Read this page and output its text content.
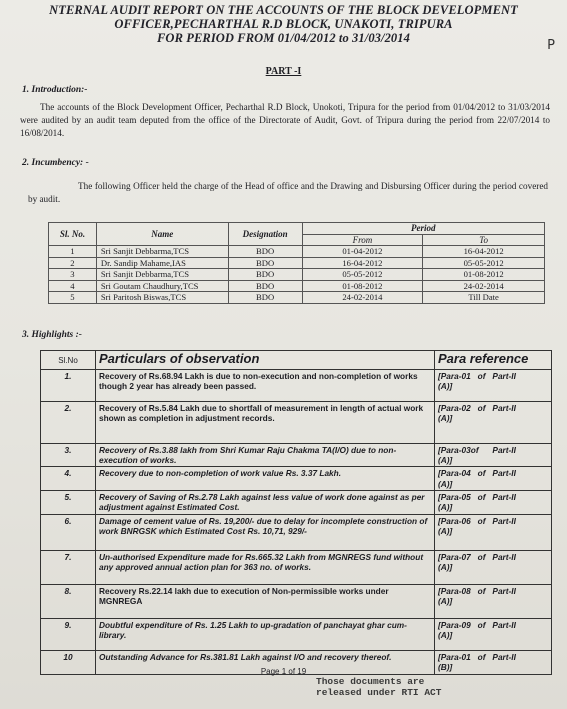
NTERNAL AUDIT REPORT ON THE ACCOUNTS OF THE BLOCK DEVELOPMENT
OFFICER,PECHARTHAL R.D BLOCK, UNAKOTI, TRIPURA
FOR PERIOD FROM 01/04/2012 to 31/03/2014	P
PART -I
1. Introduction:-
The accounts of the Block Development Officer, Pecharthal R.D Block, Unokoti, Tripura for the period from 01/04/2012 to 31/03/2014 were audited by an audit team deputed from the office of the Directorate of Audit, Govt. of Tripura during the period from 22/07/2014 to 16/08/2014.
2. Incumbency: -
The following Officer held the charge of the Head of office and the Drawing and Disbursing Officer during the period covered by audit.
Sl. No.	Name	Designation	Period	
			From	To
1	Sri Sanjit Debbarma,TCS	BDO	01-04-2012	16-04-2012
2	Dr. Sandip Mahame,IAS	BDO	16-04-2012	05-05-2012
3	Sri Sanjit Debbarma,TCS	BDO	05-05-2012	01-08-2012
4	Sri Goutam Chaudhury,TCS	BDO	01-08-2012	24-02-2014
5	Sri Paritosh Biswas,TCS	BDO	24-02-2014	Till Date
3. Highlights :-
Sl.No	Particulars of observation	Para reference
1.	Recovery of Rs.68.94 Lakh is due to non-execution and non-completion of works though 2 year has already been passed.	[Para-01   of   Part-II
(A)]
2.	Recovery of Rs.5.84 Lakh due to shortfall of measurement in length of actual work shown as completion in adjustment records.	[Para-02   of   Part-II
(A)]
3.	Recovery of Rs.3.88 lakh from Shri Kumar Raju Chakma TA(I/O) due to non-execution of works.	[Para-03of      Part-II
(A)]
4.	Recovery due to non-completion of work value Rs. 3.37 Lakh.	[Para-04   of   Part-II
(A)]
5.	Recovery of Saving of Rs.2.78 Lakh against less value of work done against as per adjustment against Estimated Cost.	[Para-05   of   Part-II
(A)]
6.	Damage of cement value of Rs. 19,200/- due to delay for incomplete construction of work BNRGSK which Estimated Cost Rs. 10,71, 929/-	[Para-06   of   Part-II
(A)]
7.	Un-authorised Expenditure made for Rs.665.32 Lakh from MGNREGS fund without any approved annual action plan for 363 no. of works.	[Para-07   of   Part-II
(A)]
8.	Recovery Rs.22.14 lakh due to execution of Non-permissible works under MGNREGA	[Para-08   of   Part-II
(A)]
9.	Doubtful expenditure of Rs. 1.25 Lakh to up-gradation of panchayat ghar cum-library.	[Para-09   of   Part-II
(A)]
10	Outstanding Advance for Rs.381.81 Lakh against I/O and recovery thereof.	[Para-01   of   Part-II
(B)]
Page 1 of 19
Those documents are
released under RTI ACT
